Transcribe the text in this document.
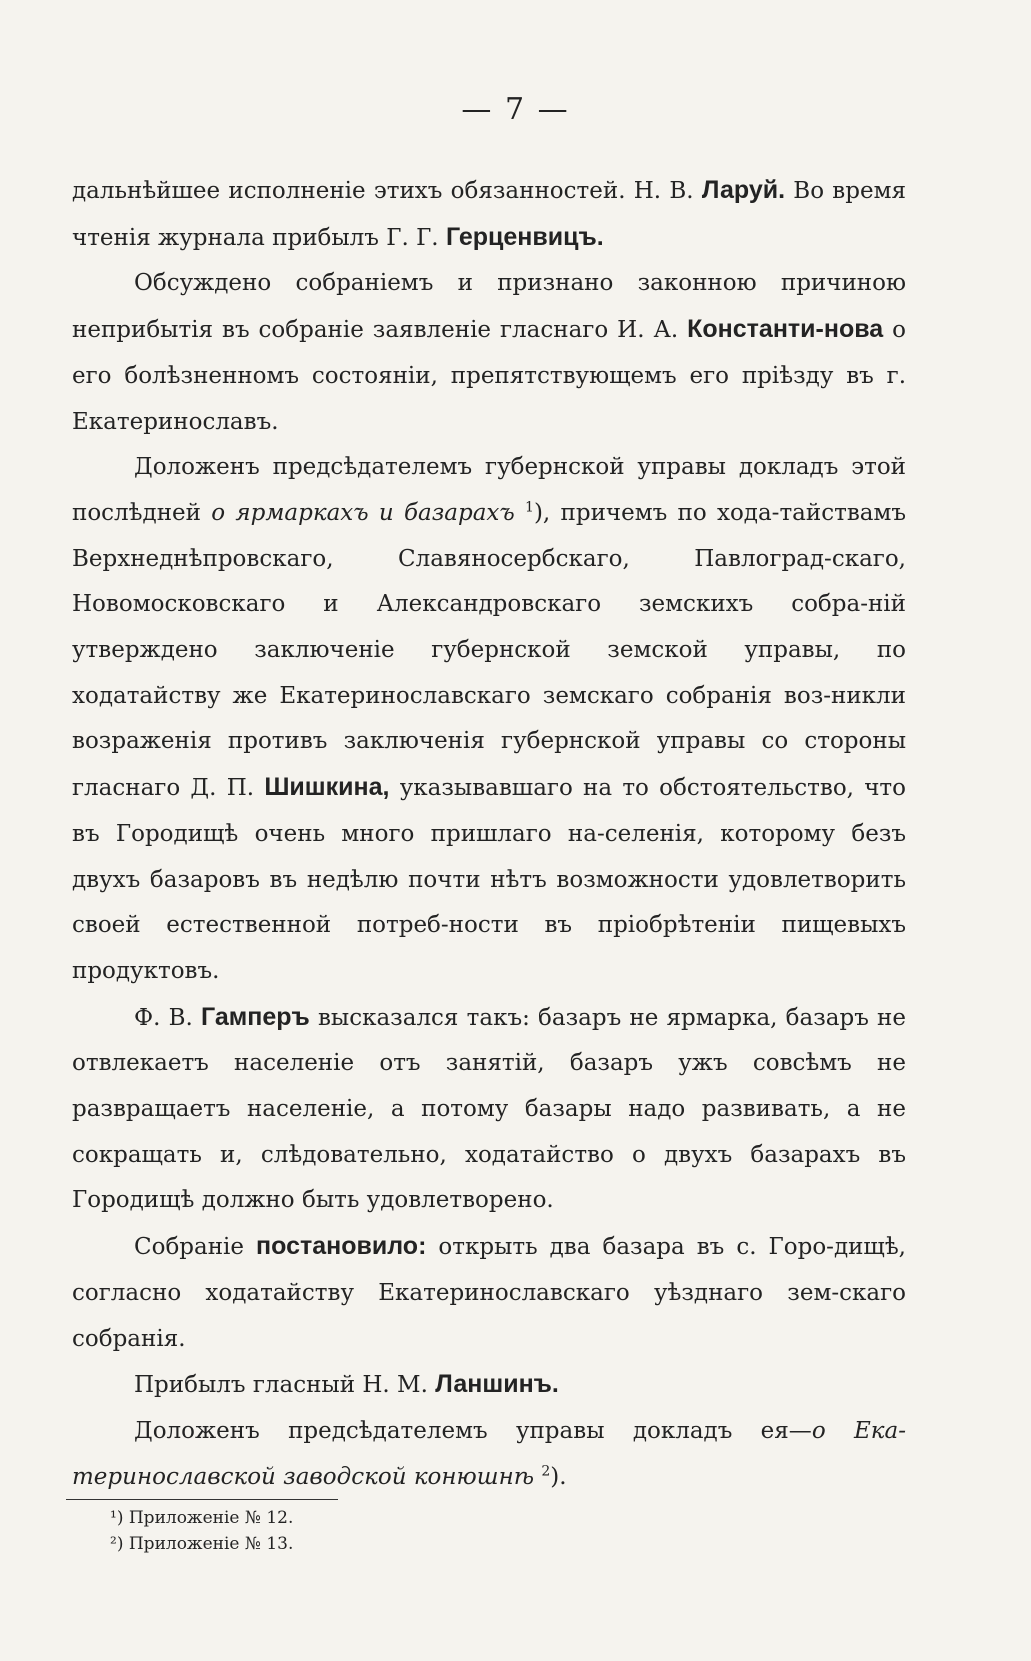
— 7 —

дальнѣйшее исполненіе этихъ обязанностей. Н. В. Ларуй. Во время чтенія журнала прибылъ Г. Г. Герценвицъ.

Обсуждено собраніемъ и признано законною причиною неприбытія въ собраніе заявленіе гласнаго И. А. Константи-нова о его болѣзненномъ состояніи, препятствующемъ его пріѣзду въ г. Екатеринославъ.

Доложенъ предсѣдателемъ губернской управы докладъ этой послѣдней о ярмаркахъ и базарахъ $^1$), причемъ по хода-тайствамъ Верхнеднѣпровскаго, Славяносербскаго, Павлоград-скаго, Новомосковскаго и Александровскаго земскихъ собра-ній утверждено заключеніе губернской земской управы, по ходатайству же Екатеринославскаго земскаго собранія воз-никли возраженія противъ заключенія губернской управы со стороны гласнаго Д. П. Шишкина, указывавшаго на то обстоятельство, что въ Городищѣ очень много пришлаго на-селенія, которому безъ двухъ базаровъ въ недѣлю почти нѣтъ возможности удовлетворить своей естественной потреб-ности въ пріобрѣтеніи пищевыхъ продуктовъ.

Ф. В. Гамперъ высказался такъ: базаръ не ярмарка, базаръ не отвлекаетъ населеніе отъ занятій, базаръ ужъ совсѣмъ не развращаетъ населеніе, а потому базары надо развивать, а не сокращать и, слѣдовательно, ходатайство о двухъ базарахъ въ Городищѣ должно быть удовлетворено.

Собраніе постановило: открыть два базара въ с. Горо-дищѣ, согласно ходатайству Екатеринославскаго уѣзднаго зем-скаго собранія.

Прибылъ гласный Н. М. Ланшинъ.

Доложенъ предсѣдателемъ управы докладъ ея—о Ека-теринославской заводской конюшнѣ $^2$).

¹) Приложеніе № 12.
²) Приложеніе № 13.
